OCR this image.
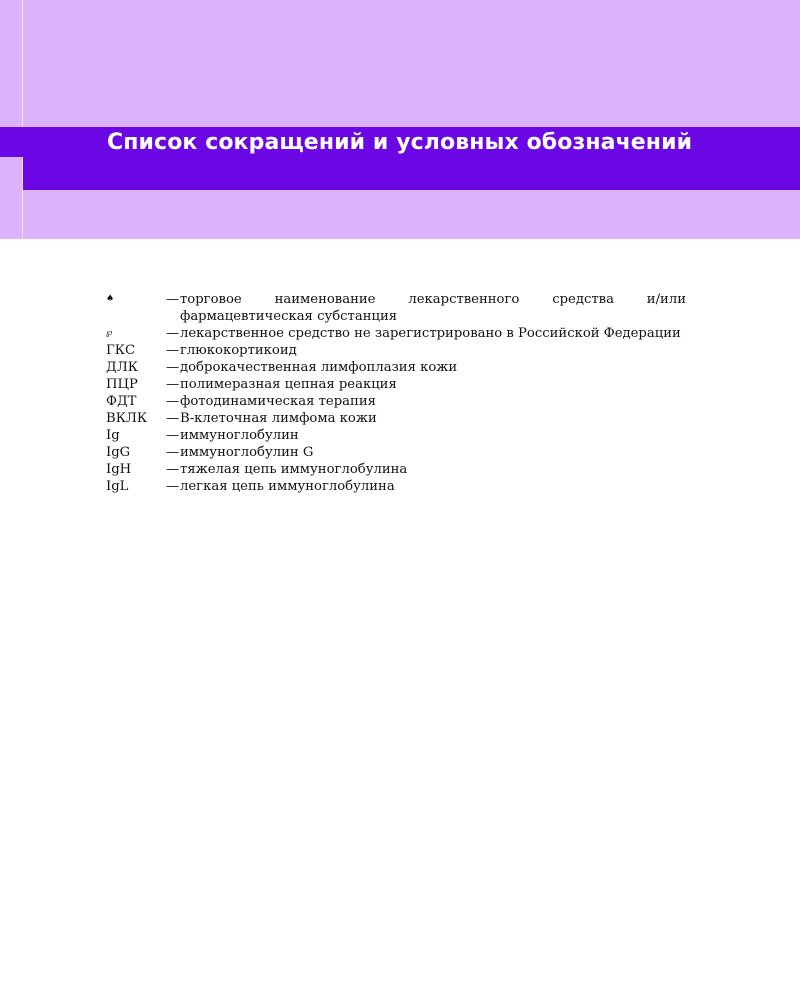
Список сокращений и условных обозначений
♠	— торговое наименование лекарственного средства и/или фармацевтическая субстанция
℘	— лекарственное средство не зарегистрировано в Российской Федерации
ГКС	— глюкокортикоид
ДЛК	— доброкачественная лимфоплазия кожи
ПЦР	— полимеразная цепная реакция
ФДТ	— фотодинамическая терапия
ВКЛК	— В-клеточная лимфома кожи
Ig	— иммуноглобулин
IgG	— иммуноглобулин G
IgH	— тяжелая цепь иммуноглобулина
IgL	— легкая цепь иммуноглобулина
